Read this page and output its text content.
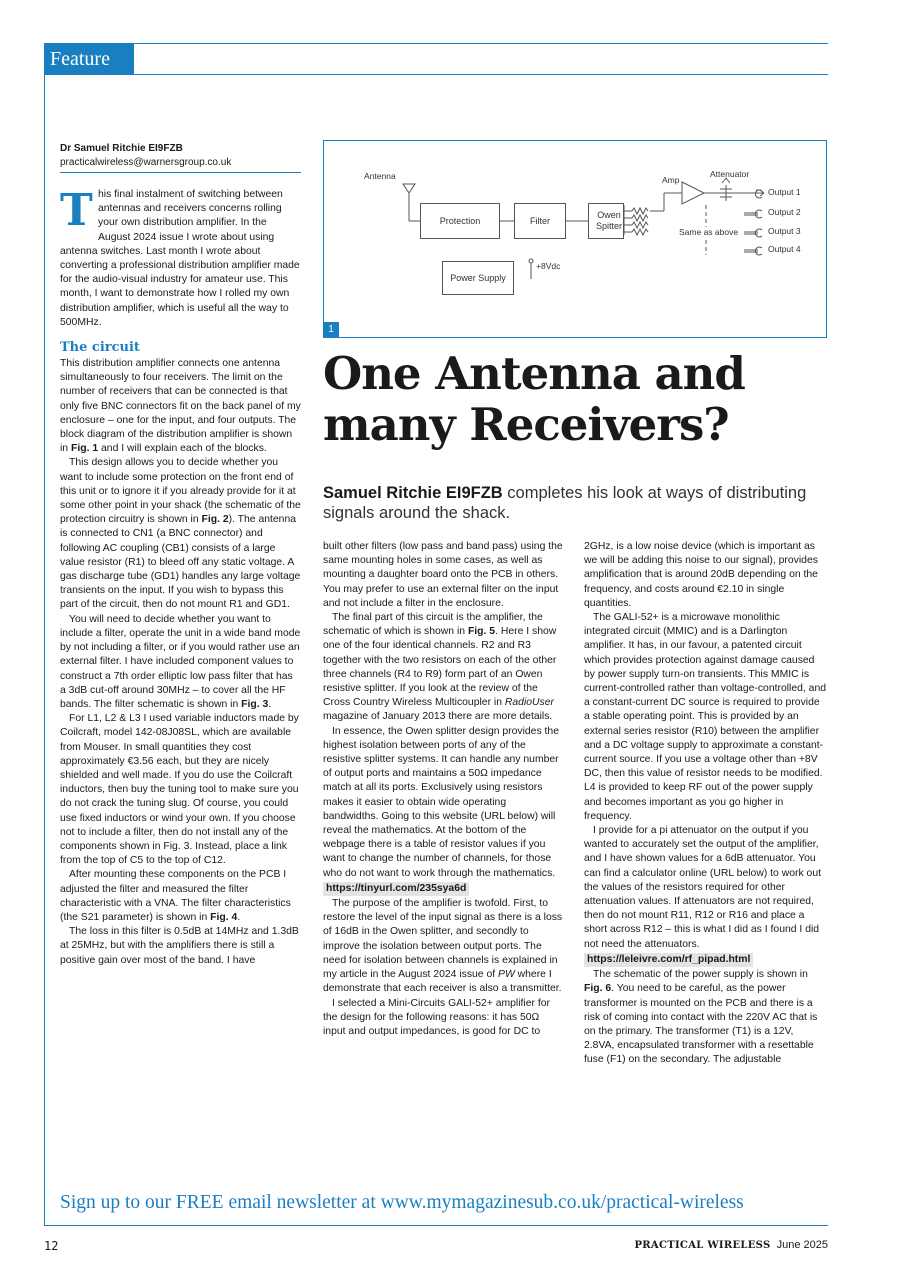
Feature
Dr Samuel Ritchie EI9FZB
practicalwireless@warnersgroup.co.uk

This final instalment of switching between antennas and receivers concerns rolling your own distribution amplifier. In the August 2024 issue I wrote about using antenna switches. Last month I wrote about converting a professional distribution amplifier made for the audio-visual industry for amateur use. This month, I want to demonstrate how I rolled my own distribution amplifier, which is useful all the way to 500MHz.

The circuit

This distribution amplifier connects one antenna simultaneously to four receivers. The limit on the number of receivers that can be connected is that only five BNC connectors fit on the back panel of my enclosure – one for the input, and four outputs. The block diagram of the distribution amplifier is shown in Fig. 1 and I will explain each of the blocks.

This design allows you to decide whether you want to include some protection on the front end of this unit or to ignore it if you already provide for it at some other point in your shack (the schematic of the protection circuitry is shown in Fig. 2). The antenna is connected to CN1 (a BNC connector) and following AC coupling (CB1) consists of a large value resistor (R1) to bleed off any static voltage. A gas discharge tube (GD1) handles any large voltage transients on the input. If you wish to bypass this part of the circuit, then do not mount R1 and GD1.

You will need to decide whether you want to include a filter, operate the unit in a wide band mode by not including a filter, or if you would rather use an external filter. I have included component values to construct a 7th order elliptic low pass filter that has a 3dB cut-off around 30MHz – to cover all the HF bands. The filter schematic is shown in Fig. 3.

For L1, L2 & L3 I used variable inductors made by Coilcraft, model 142-08J08SL, which are available from Mouser. In small quantities they cost approximately €3.56 each, but they are nicely shielded and well made. If you do use the Coilcraft inductors, then buy the tuning tool to make sure you do not crack the tuning slug. Of course, you could use fixed inductors or wind your own. If you choose not to include a filter, then do not install any of the components shown in Fig. 3. Instead, place a link from the top of C5 to the top of C12.

After mounting these components on the PCB I adjusted the filter and measured the filter characteristic with a VNA. The filter characteristics (the S21 parameter) is shown in Fig. 4.

The loss in this filter is 0.5dB at 14MHz and 1.3dB at 25MHz, but with the amplifiers there is still a positive gain over most of the band. I have

Antenna
Protection	Filter
Owen Spitter
Amp
Attenuator
Output 1
Output 2
Output 3
Output 4
Same as above
Power Supply
+8Vdc
1
One Antenna and many Receivers?
Samuel Ritchie EI9FZB completes his look at ways of distributing signals around the shack.

built other filters (low pass and band pass) using the same mounting holes in some cases, as well as mounting a daughter board onto the PCB in others. You may prefer to use an external filter on the input and not include a filter in the enclosure.

The final part of this circuit is the amplifier, the schematic of which is shown in Fig. 5. Here I show one of the four identical channels. R2 and R3 together with the two resistors on each of the other three channels (R4 to R9) form part of an Owen resistive splitter. If you look at the review of the Cross Country Wireless Multicoupler in RadioUser magazine of January 2013 there are more details.

In essence, the Owen splitter design provides the highest isolation between ports of any of the resistive splitter systems. It can handle any number of output ports and maintains a 50Ω impedance match at all its ports. Exclusively using resistors makes it easier to obtain wide operating bandwidths. Going to this website (URL below) will reveal the mathematics. At the bottom of the webpage there is a table of resistor values if you want to change the number of channels, for those who do not want to work through the mathematics.

https://tinyurl.com/235sya6d

The purpose of the amplifier is twofold. First, to restore the level of the input signal as there is a loss of 16dB in the Owen splitter, and secondly to improve the isolation between output ports. The need for isolation between channels is explained in my article in the August 2024 issue of PW where I demonstrate that each receiver is also a transmitter.

I selected a Mini-Circuits GALI-52+ amplifier for the design for the following reasons: it has 50Ω input and output impedances, is good for DC to

2GHz, is a low noise device (which is important as we will be adding this noise to our signal), provides amplification that is around 20dB depending on the frequency, and costs around €2.10 in single quantities.

The GALI-52+ is a microwave monolithic integrated circuit (MMIC) and is a Darlington amplifier. It has, in our favour, a patented circuit which provides protection against damage caused by power supply turn-on transients. This MMIC is current-controlled rather than voltage-controlled, and a constant-current DC source is required to provide a stable operating point. This is provided by an external series resistor (R10) between the amplifier and a DC voltage supply to approximate a constant-current source. If you use a voltage other than +8V DC, then this value of resistor needs to be modified. L4 is provided to keep RF out of the power supply and becomes important as you go higher in frequency.

I provide for a pi attenuator on the output if you wanted to accurately set the output of the amplifier, and I have shown values for a 6dB attenuator. You can find a calculator online (URL below) to work out the values of the resistors required for other attenuation values. If attenuators are not required, then do not mount R11, R12 or R16 and place a short across R12 – this is what I did as I found I did not need the attenuators.

https://leleivre.com/rf_pipad.html

The schematic of the power supply is shown in Fig. 6. You need to be careful, as the power transformer is mounted on the PCB and there is a risk of coming into contact with the 220V AC that is on the primary. The transformer (T1) is a 12V, 2.8VA, encapsulated transformer with a resettable fuse (F1) on the secondary. The adjustable

Sign up to our FREE email newsletter at www.mymagazinesub.co.uk/practical-wireless
12	PRACTICAL WIRELESS June 2025
